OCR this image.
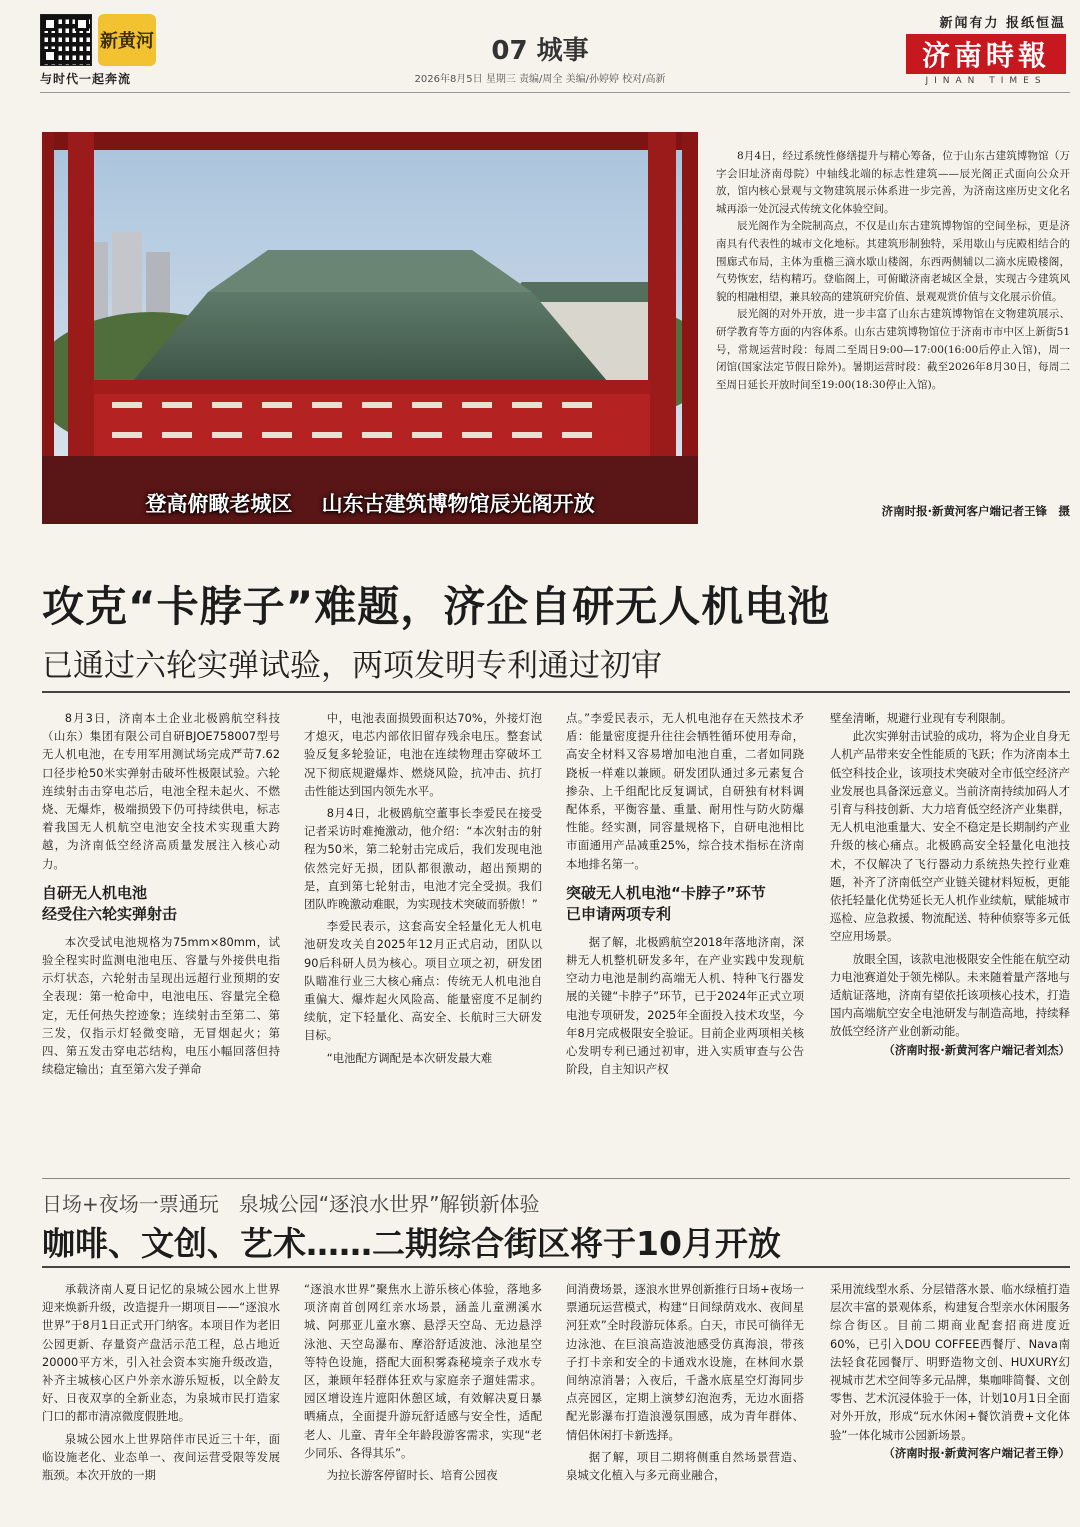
新黄河
与时代一起奔流
07 城事
2026年8月5日 星期三 责编/周全 美编/孙婷婷 校对/高新
新闻有力 报纸恒温
济南時報
JINAN TIMES
登高俯瞰老城区    山东古建筑博物馆辰光阁开放

8月4日，经过系统性修缮提升与精心筹备，位于山东古建筑博物馆（万字会旧址济南母院）中轴线北端的标志性建筑——辰光阁正式面向公众开放，馆内核心景观与文物建筑展示体系进一步完善，为济南这座历史文化名城再添一处沉浸式传统文化体验空间。

辰光阁作为全院制高点，不仅是山东古建筑博物馆的空间坐标，更是济南具有代表性的城市文化地标。其建筑形制独特，采用歇山与庑殿相结合的围廊式布局，主体为重檐三滴水歇山楼阁，东西两侧辅以二滴水庑殿楼阁，气势恢宏，结构精巧。登临阁上，可俯瞰济南老城区全景，实现古今建筑风貌的相融相望，兼具较高的建筑研究价值、景观观赏价值与文化展示价值。

辰光阁的对外开放，进一步丰富了山东古建筑博物馆在文物建筑展示、研学教育等方面的内容体系。山东古建筑博物馆位于济南市市中区上新街51号，常规运营时段：每周二至周日9:00—17:00(16:00后停止入馆)，周一闭馆(国家法定节假日除外)。暑期运营时段：截至2026年8月30日，每周二至周日延长开放时间至19:00(18:30停止入馆)。

济南时报·新黄河客户端记者王锋　摄
攻克“卡脖子”难题，济企自研无人机电池
已通过六轮实弹试验，两项发明专利通过初审

8月3日，济南本土企业北极鸥航空科技（山东）集团有限公司自研BJOE758007型号无人机电池，在专用军用测试场完成严苛7.62口径步枪50米实弹射击破坏性极限试验。六轮连续射击击穿电芯后，电池全程未起火、不燃烧、无爆炸，极端损毁下仍可持续供电，标志着我国无人机航空电池安全技术实现重大跨越，为济南低空经济高质量发展注入核心动力。

自研无人机电池
经受住六轮实弹射击

本次受试电池规格为75mm×80mm，试验全程实时监测电池电压、容量与外接供电指示灯状态，六轮射击呈现出远超行业预期的安全表现：第一枪命中，电池电压、容量完全稳定，无任何热失控迹象；连续射击至第二、第三发，仅指示灯轻微变暗，无冒烟起火；第四、第五发击穿电芯结构，电压小幅回落但持续稳定输出；直至第六发子弹命

中，电池表面损毁面积达70%，外接灯泡才熄灭，电芯内部依旧留存残余电压。整套试验反复多轮验证，电池在连续物理击穿破坏工况下彻底规避爆炸、燃烧风险，抗冲击、抗打击性能达到国内领先水平。

8月4日，北极鸥航空董事长李爱民在接受记者采访时难掩激动，他介绍：“本次射击的射程为50米，第二轮射击完成后，我们发现电池依然完好无损，团队都很激动，超出预期的是，直到第七轮射击，电池才完全受损。我们团队昨晚激动难眠，为实现技术突破而骄傲！”

李爱民表示，这套高安全轻量化无人机电池研发攻关自2025年12月正式启动，团队以90后科研人员为核心。项目立项之初，研发团队瞄准行业三大核心痛点：传统无人机电池自重偏大、爆炸起火风险高、能量密度不足制约续航，定下轻量化、高安全、长航时三大研发目标。

“电池配方调配是本次研发最大难

点。”李爱民表示，无人机电池存在天然技术矛盾：能量密度提升往往会牺牲循环使用寿命，高安全材料又容易增加电池自重，二者如同跷跷板一样难以兼顾。研发团队通过多元素复合掺杂、上千组配比反复调试，自研独有材料调配体系，平衡容量、重量、耐用性与防火防爆性能。经实测，同容量规格下，自研电池相比市面通用产品减重25%，综合技术指标在济南本地排名第一。

突破无人机电池“卡脖子”环节
已申请两项专利

据了解，北极鸥航空2018年落地济南，深耕无人机整机研发多年，在产业实践中发现航空动力电池是制约高端无人机、特种飞行器发展的关键“卡脖子”环节，已于2024年正式立项电池专项研发，2025年全面投入技术攻坚，今年8月完成极限安全验证。目前企业两项相关核心发明专利已通过初审，进入实质审查与公告阶段，自主知识产权

壁垒清晰，规避行业现有专利限制。

此次实弹射击试验的成功，将为企业自身无人机产品带来安全性能质的飞跃；作为济南本土低空科技企业，该项技术突破对全市低空经济产业发展也具备深远意义。当前济南持续加码人才引育与科技创新、大力培育低空经济产业集群，无人机电池重量大、安全不稳定是长期制约产业升级的核心痛点。北极鸥高安全轻量化电池技术，不仅解决了飞行器动力系统热失控行业难题，补齐了济南低空产业链关键材料短板，更能依托轻量化优势延长无人机作业续航，赋能城市巡检、应急救援、物流配送、特种侦察等多元低空应用场景。

放眼全国，该款电池极限安全性能在航空动力电池赛道处于领先梯队。未来随着量产落地与适航证落地，济南有望依托该项核心技术，打造国内高端航空安全电池研发与制造高地，持续释放低空经济产业创新动能。

（济南时报·新黄河客户端记者刘杰）

日场+夜场一票通玩　泉城公园“逐浪水世界”解锁新体验
咖啡、文创、艺术……二期综合街区将于10月开放

承载济南人夏日记忆的泉城公园水上世界迎来焕新升级，改造提升一期项目——“逐浪水世界”于8月1日正式开门纳客。本项目作为老旧公园更新、存量资产盘活示范工程，总占地近20000平方米，引入社会资本实施升级改造，补齐主城核心区户外亲水游乐短板，以全龄友好、日夜双享的全新业态，为泉城市民打造家门口的都市清凉微度假胜地。

泉城公园水上世界陪伴市民近三十年，面临设施老化、业态单一、夜间运营受限等发展瓶颈。本次开放的一期

“逐浪水世界”聚焦水上游乐核心体验，落地多项济南首创网红亲水场景，涵盖儿童溯溪水城、阿那亚儿童水寨、悬浮天空岛、无边悬浮泳池、天空岛瀑布、摩浴舒适波池、泳池星空等特色设施，搭配大面积雾森秘境亲子戏水专区，兼顾年轻群体狂欢与家庭亲子遛娃需求。园区增设连片遮阳休憩区域，有效解决夏日暴晒痛点，全面提升游玩舒适感与安全性，适配老人、儿童、青年全年龄段游客需求，实现“老少同乐、各得其乐”。

为拉长游客停留时长、培育公园夜

间消费场景，逐浪水世界创新推行日场+夜场一票通玩运营模式，构建“日间绿荫戏水、夜间星河狂欢”全时段游玩体系。白天，市民可徜徉无边泳池、在巨浪高造波池感受仿真海浪，带孩子打卡亲和安全的卡通戏水设施，在林间水景间纳凉消暑；入夜后，千盏水底星空灯海同步点亮园区，定期上演梦幻泡泡秀，无边水面搭配光影瀑布打造浪漫氛围感，成为青年群体、情侣休闲打卡新选择。

据了解，项目二期将侧重自然场景营造、泉城文化植入与多元商业融合，

采用流线型水系、分层错落水景、临水绿植打造层次丰富的景观体系，构建复合型亲水休闲服务综合街区。目前二期商业配套招商进度近60%，已引入DOU COFFEE西餐厅、Nava南法轻食花园餐厅、明野造物文创、HUXURY幻视城市艺术空间等多元品牌，集咖啡简餐、文创零售、艺术沉浸体验于一体，计划10月1日全面对外开放，形成“玩水休闲+餐饮消费+文化体验”一体化城市公园新场景。

（济南时报·新黄河客户端记者王铮）
